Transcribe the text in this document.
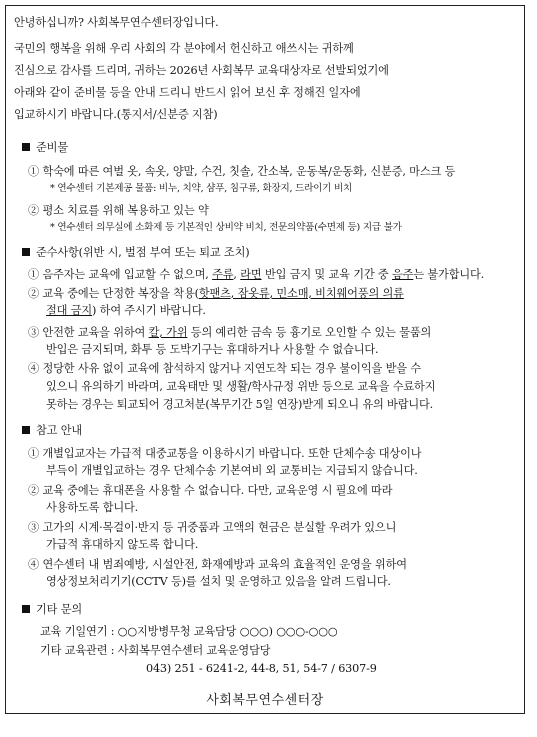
안녕하십니까? 사회복무연수센터장입니다.
국민의 행복을 위해 우리 사회의 각 분야에서 헌신하고 애쓰시는 귀하께
진심으로 감사를 드리며, 귀하는 2026년 사회복무 교육대상자로 선발되었기에
아래와 같이 준비물 등을 안내 드리니 반드시 읽어 보신 후 정해진 일자에
입교하시기 바랍니다.(통지서/신분증 지참)
준비물
① 학숙에 따른 여벌 옷, 속옷, 양말, 수건, 칫솔, 간소복, 운동복/운동화, 신분증, 마스크 등
* 연수센터 기본제공 물품: 비누, 치약, 샴푸, 침구류, 화장지, 드라이기 비치
② 평소 치료를 위해 복용하고 있는 약
* 연수센터 의무실에 소화제 등 기본적인 상비약 비치, 전문의약품(수면제 등) 지급 불가
준수사항(위반 시, 벌점 부여 또는 퇴교 조치)
① 음주자는 교육에 입교할 수 없으며, 주류, 라면 반입 금지 및 교육 기간 중 음주는 불가합니다.
② 교육 중에는 단정한 복장을 착용(핫팬츠, 잠옷류, 민소매, 비치웨어풍의 의류
절대 금지) 하여 주시기 바랍니다.
③ 안전한 교육을 위하여 칼, 가위 등의 예리한 금속 등 흉기로 오인할 수 있는 물품의
반입은 금지되며, 화투 등 도박기구는 휴대하거나 사용할 수 없습니다.
④ 정당한 사유 없이 교육에 참석하지 않거나 지연도착 되는 경우 불이익을 받을 수
있으니 유의하기 바라며, 교육태만 및 생활/학사규정 위반 등으로 교육을 수료하지
못하는 경우는 퇴교되어 경고처분(복무기간 5일 연장)받게 되오니 유의 바랍니다.
참고 안내
① 개별입교자는 가급적 대중교통을 이용하시기 바랍니다. 또한 단체수송 대상이나
부득이 개별입교하는 경우 단체수송 기본여비 외 교통비는 지급되지 않습니다.
② 교육 중에는 휴대폰을 사용할 수 없습니다. 다만, 교육운영 시 필요에 따라
사용하도록 합니다.
③ 고가의 시계·목걸이·반지 등 귀중품과 고액의 현금은 분실할 우려가 있으니
가급적 휴대하지 않도록 합니다.
④ 연수센터 내 범죄예방, 시설안전, 화재예방과 교육의 효율적인 운영을 위하여
영상정보처리기기(CCTV 등)를 설치 및 운영하고 있음을 알려 드립니다.
기타 문의
교육 기일연기 : ○○지방병무청 교육담당 ○○○) ○○○-○○○
기타 교육관련 : 사회복무연수센터 교육운영담당
043) 251 - 6241-2, 44-8, 51, 54-7 / 6307-9
사회복무연수센터장
